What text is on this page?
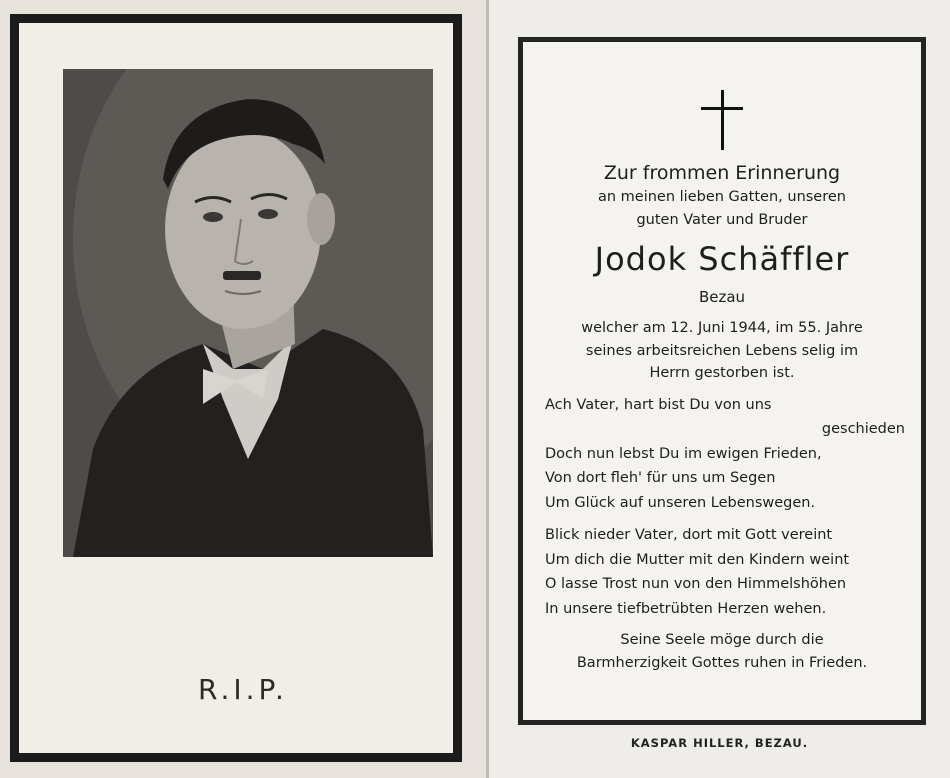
R.I.P.
Zur frommen Erinnerung
an meinen lieben Gatten, unseren
guten Vater und Bruder
Jodok Schäffler
Bezau
welcher am 12. Juni 1944, im 55. Jahre
seines arbeitsreichen Lebens selig im
Herrn gestorben ist.
Ach Vater, hart bist Du von uns
geschieden
Doch nun lebst Du im ewigen Frieden,
Von dort fleh' für uns um Segen
Um Glück auf unseren Lebenswegen.
Blick nieder Vater, dort mit Gott vereint
Um dich die Mutter mit den Kindern weint
O lasse Trost nun von den Himmelshöhen
In unsere tiefbetrübten Herzen wehen.
Seine Seele möge durch die
Barmherzigkeit Gottes ruhen in Frieden.
KASPAR HILLER, BEZAU.
